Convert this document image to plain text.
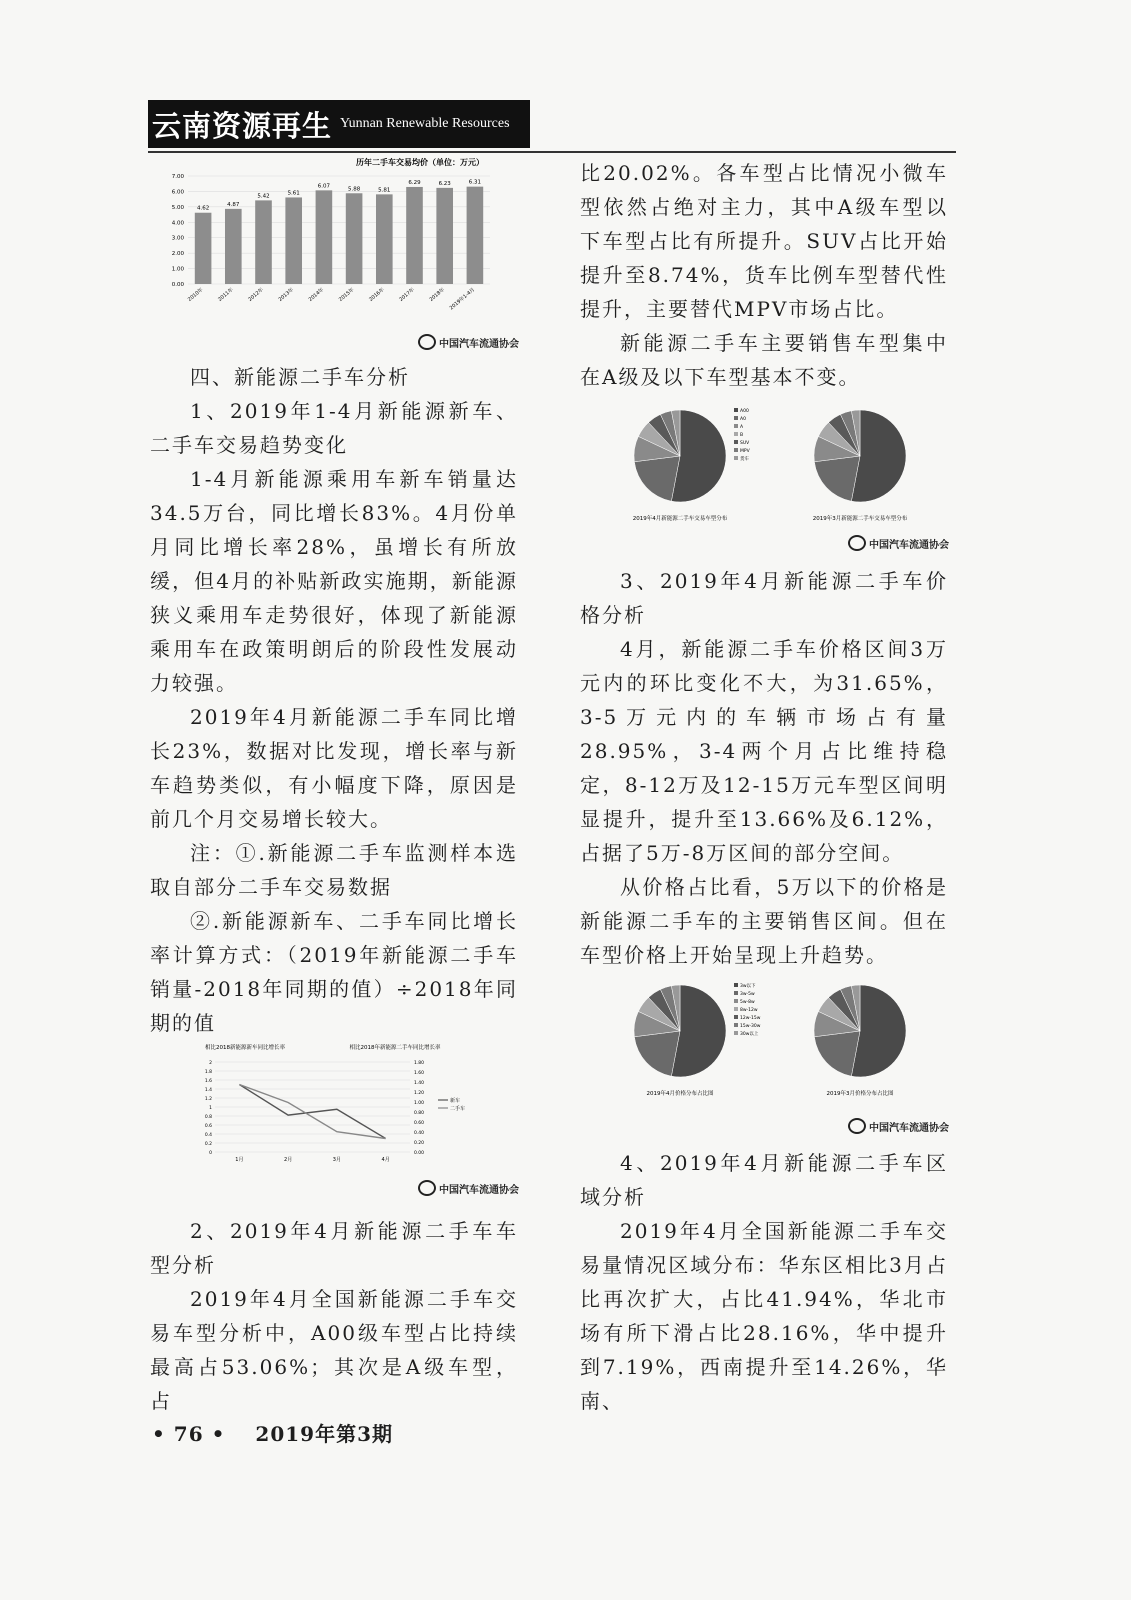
云南资源再生 Yunnan Renewable Resources
历年二手车交易均价（单位：万元）
0.00
1.00
2.00
3.00
4.00
5.00
6.00
7.00
4.62
2010年
4.87
2011年
5.42
2012年
5.61
2013年
6.07
2014年
5.88
2015年
5.81
2016年
6.29
2017年
6.23
2018年
6.31
2019年1-4月
中国汽车流通协会

四、新能源二手车分析

1、2019年1-4月新能源新车、二手车交易趋势变化

1-4月新能源乘用车新车销量达34.5万台，同比增长83%。4月份单月同比增长率28%，虽增长有所放缓，但4月的补贴新政实施期，新能源狭义乘用车走势很好，体现了新能源乘用车在政策明朗后的阶段性发展动力较强。

2019年4月新能源二手车同比增长23%，数据对比发现，增长率与新车趋势类似，有小幅度下降，原因是前几个月交易增长较大。

注：①.新能源二手车监测样本选取自部分二手车交易数据

②.新能源新车、二手车同比增长率计算方式：（2019年新能源二手车销量-2018年同期的值）÷2018年同期的值

相比2018新能源新车同比增长率	相比2018年新能源二手车同比增长率
0
0.2
0.4
0.6
0.8
1
1.2
1.4
1.6
1.8
2
0.00
0.20
0.40
0.60
0.80
1.00
1.20
1.40
1.60
1.80
1月	2月	3月	4月
新车
二手车
中国汽车流通协会

2、2019年4月新能源二手车车型分析

2019年4月全国新能源二手车交易车型分析中，A00级车型占比持续最高占53.06%；其次是A级车型，占

比20.02%。各车型占比情况小微车型依然占绝对主力，其中A级车型以下车型占比有所提升。SUV占比开始提升至8.74%，货车比例车型替代性提升，主要替代MPV市场占比。

新能源二手车主要销售车型集中在A级及以下车型基本不变。

2019年4月新能源二手车交易车型分布	2019年3月新能源二手车交易车型分布
A00
A0
A
B
SUV
MPV
货车
中国汽车流通协会

3、2019年4月新能源二手车价格分析

4月，新能源二手车价格区间3万元内的环比变化不大，为31.65%，3-5万元内的车辆市场占有量28.95%，3-4两个月占比维持稳定，8-12万及12-15万元车型区间明显提升，提升至13.66%及6.12%，占据了5万-8万区间的部分空间。

从价格占比看，5万以下的价格是新能源二手车的主要销售区间。但在车型价格上开始呈现上升趋势。

2019年4月价格分布占比图	2019年3月价格分布占比图
3w以下
3w-5w
5w-8w
8w-12w
12w-15w
15w-30w
30w以上
中国汽车流通协会

4、2019年4月新能源二手车区域分析

2019年4月全国新能源二手车交易量情况区域分布：华东区相比3月占比再次扩大，占比41.94%，华北市场有所下滑占比28.16%，华中提升到7.19%，西南提升至14.26%，华南、

• 76 • 2019年第3期
